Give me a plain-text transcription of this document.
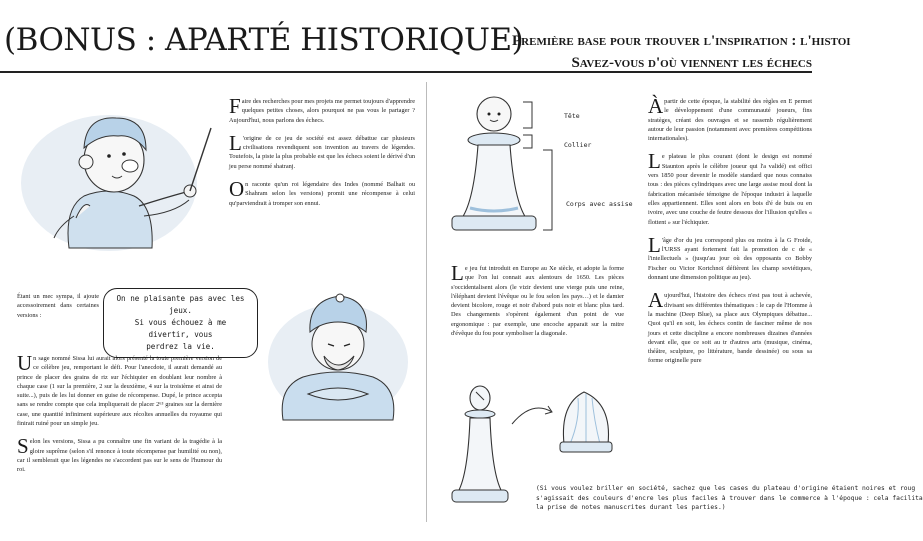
(BONUS : APARTÉ HISTORIQUE)
Première base pour trouver l'inspiration : l'histoi
Savez-vous d'où viennent les échecs

Faire des recherches pour mes projets me permet toujours d'apprendre quelques petites choses, alors pourquoi ne pas vous le partager ? Aujourd'hui, nous parlons des échecs.

L 'origine de ce jeu de société est assez débattue car plusieurs civilisations revendiquent son invention au travers de légendes. Toutefois, la piste la plus probable est que les échecs soient le dérivé d'un jeu perse nommé shatranj.

On raconte qu'un roi légendaire des Indes (nommé Balhait ou Shahram selon les versions) promit une récompense à celui qu'parviendrait à tromper son ennui.

Étant un mec sympa, il ajoute accessoirement dans certaines versions :
On ne plaisante pas avec les jeux.
Si vous échouez à me divertir, vous
perdrez la vie.

Un sage nommé Sissa lui aurait alors présenté la toute première version de ce célèbre jeu, remportant le défi. Pour l'anecdote, il aurait demandé au prince de placer des grains de riz sur l'échiquier en doublant leur nombre à chaque case (1 sur la première, 2 sur la deuxième, 4 sur la troisième et ainsi de suite...), puis de les lui donner en guise de récompense. Dupé, le prince accepta sans se rendre compte que cela impliquerait de placer 2⁶³ graines sur la dernière case, une quantité infiniment supérieure aux récoltes annuelles du royaume qui finirait ruiné pour un simple jeu.

Selon les versions, Sissa a pu connaître une fin variant de la tragédie à la gloire suprême (selon s'il renonce à toute récompense par humilité ou non), car il semblerait que les légendes ne s'accordent pas sur le sens de l'humour du roi.

Tête
Collier
Corps avec assise

Le jeu fut introduit en Europe au Xe siècle, et adopte la forme que l'on lui connait aux alentours de 1650. Les pièces s'occidentalisent alors (le vizir devient une vierge puis une reine, l'éléphant devient l'évêque ou le fou selon les pays…) et le damier devient bicolore, rouge et noir d'abord puis noir et blanc plus tard. Des changements s'opèrent également d'un point de vue ergonomique : par exemple, une encoche apparait sur la mitre d'évêque du fou pour symboliser la diagonale.

(Si vous voulez briller en société, sachez que les cases du plateau d'origine étaient noires et roug
s'agissait des couleurs d'encre les plus faciles à trouver dans le commerce à l'époque : cela facilita
la prise de notes manuscrites durant les parties.)

Àpartir de cette époque, la stabilité des règles en E permet le développement d'une communauté joueurs, fins stratèges, créant des ouvrages et se rassemb régulièrement autour de leur passion (notamment avec premières compétitions internationales).

Le plateau le plus courant (dont le design est nommé Staunton après le célèbre joueur qui l'a validé) est offici vers 1850 pour devenir le modèle standard que nous connaiss tous : des pièces cylindriques avec une large assise moul dont la fabrication mécanisée témoigne de l'époque industri à laquelle elles appartiennent. Elles sont alors en bois d'é de buis ou en ivoire, avec une couche de feutre dessous dor l'illusion qu'elles « flottent » sur l'échiquier.

L 'âge d'or du jeu correspond plus ou moins à la G Froide, l'URSS ayant fortement fait la promotion de c de « l'intellectuels » (jusqu'au jour où des opposants co Bobby Fischer ou Victor Kortchnoï défièrent les champ soviétiques, donnant une dimension politique au jeu).

Aujourd'hui, l'histoire des échecs n'est pas tout à achevée, divisant ses différentes thématiques : le cap de l'Homme à la machine (Deep Blue), sa place aux Olympiques débattue... Quoi qu'il en soit, les échecs contin de fasciner même de nos jours et cette discipline a encore nombreuses dizaines d'années devant elle, que ce soit au tr d'autres arts (musique, cinéma, théâtre, sculpture, po littérature, bande dessinée) ou sous sa forme originelle pure
